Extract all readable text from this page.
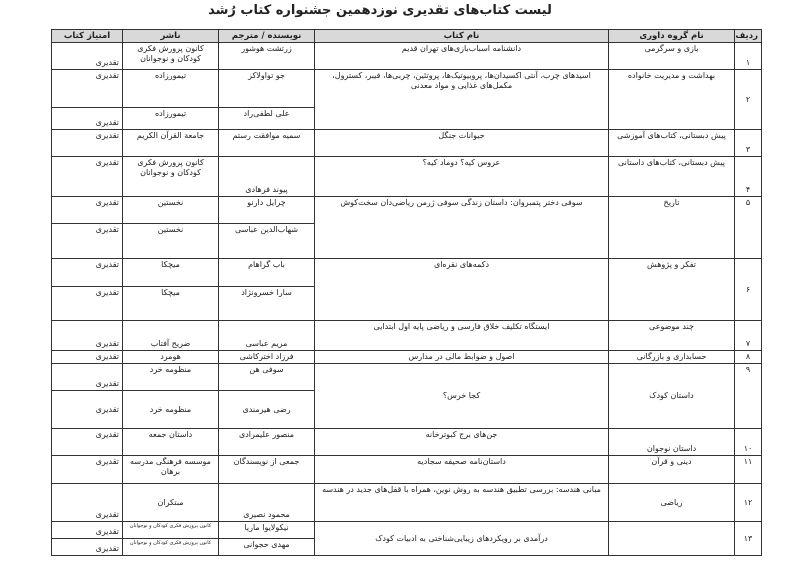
لیست کتاب‌های تقدیری نوزدهمین جشنواره کتاب رُشد
ردیف	نام گروه داوری	نام کتاب	نویسنده / مترجم	ناشر	امتیاز کتاب
۱	بازی و سرگرمی	دانشنامه اسباب‌بازی‌های تهران قدیم	زرتشت هوشور	کانون پرورش فکری کودکان و نوجوانان	تقدیری
۲	بهداشت و مدیریت خانواده	اسیدهای چرب، آنتی اکسیدان‌ها، پروبیوتیک‌ها، پروتئین، چربی‌ها، فیبر، کسترول، مکمل‌های غذایی و مواد معدنی	جو تواولاکز	تیمورزاده	تقدیری
			علی لطفی‌راد	تیمورزاده	تقدیری
۳	پیش دبستانی، کتاب‌های آموزشی	حیوانات جنگل	سمیه موافقت رستم	جامعة القرآن الکریم	تقدیری
۴	پیش دبستانی، کتاب‌های داستانی	عروس کیه؟ دوماد کیه؟	پیوند فرهادی	کانون پرورش فکری کودکان و نوجوانان	تقدیری
۵	تاریخ	سوفی دختر پتمبروان: داستان زندگی سوفی ژرمن ریاضی‌دان سخت‌کوش	چرایل دارنو	نخستین	تقدیری
			شهاب‌الدین عباسی	نخستین	تقدیری
۶	تفکر و پژوهش	دکمه‌های نقره‌ای	باب گراهام	میچکا	تقدیری
			سارا خسرونژاد	میچکا	تقدیری
۷	چند موضوعی	ایستگاه تکلیف خلاق فارسی و ریاضی پایه اول ابتدایی	مریم عباسی	ضریح آفتاب	تقدیری
۸	حسابداری و بازرگانی	اصول و ضوابط مالی در مدارس	فرزاد اختر‌کاشی	هومرد	تقدیری
۹	داستان کودک	کجا خرس؟	سوفی هن	منظومه خرد	تقدیری
			رضی هیرمندی	منظومه خرد	تقدیری
۱۰	داستان نوجوان	جن‌های برج کبوترخانه	منصور علیمرادی	داستان جمعه	تقدیری
۱۱	دینی و قرآن	داستان‌نامه صحیفه سجادیه	جمعی از نویسندگان	موسسه فرهنگی مدرسه برهان	تقدیری
۱۲	ریاضی	مبانی هندسه: بررسی تطبیق هندسه به روش نوین، همراه با قفل‌های جدید در هندسه	محمود نصیری	مبتکران	تقدیری
۱۳		درآمدی بر رویکردهای زیبایی‌شناختی به ادبیات کودک	نیکولایوا ماریا	کانون پرورش فکری کودکان و نوجوانان	تقدیری
			مهدی حجوانی	کانون پرورش فکری کودکان و نوجوانان	تقدیری
